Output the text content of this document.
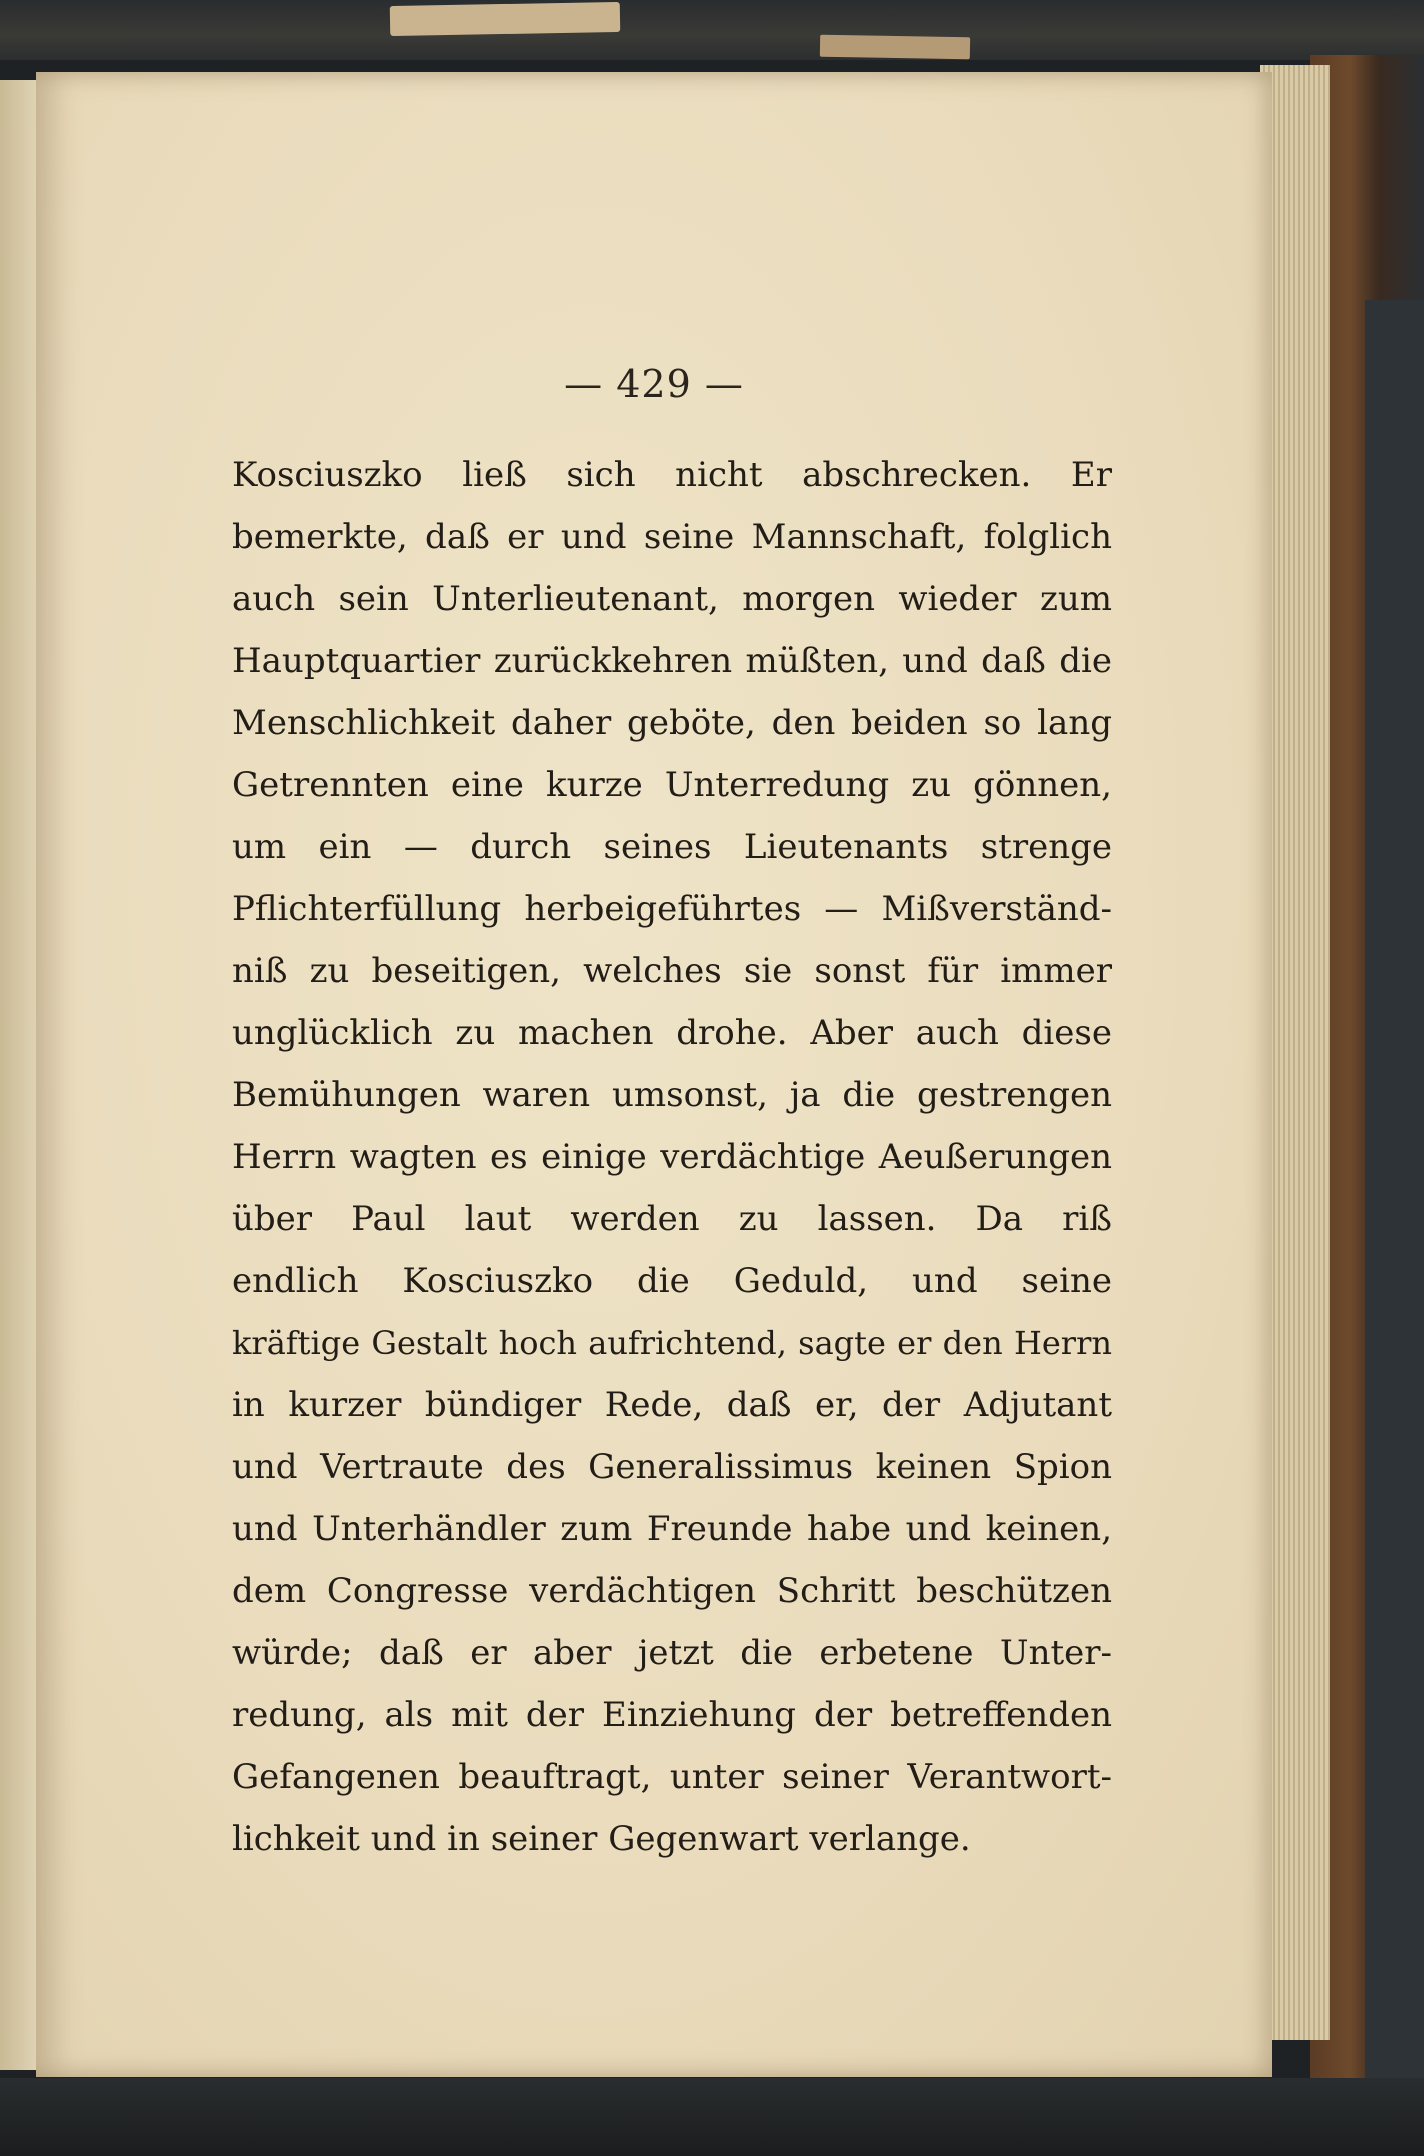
— 429 —
Kosciuszko ließ sich nicht abschrecken. Er
bemerkte, daß er und seine Mannschaft, folglich
auch sein Unterlieutenant, morgen wieder zum
Hauptquartier zurückkehren müßten, und daß die
Menschlichkeit daher geböte, den beiden so lang
Getrennten eine kurze Unterredung zu gönnen,
um ein — durch seines Lieutenants strenge
Pflichterfüllung herbeigeführtes — Mißverständ-
niß zu beseitigen, welches sie sonst für immer
unglücklich zu machen drohe. Aber auch diese
Bemühungen waren umsonst, ja die gestrengen
Herrn wagten es einige verdächtige Aeußerungen
über Paul laut werden zu lassen. Da riß
endlich Kosciuszko die Geduld, und seine
kräftige Gestalt hoch aufrichtend, sagte er den Herrn
in kurzer bündiger Rede, daß er, der Adjutant
und Vertraute des Generalissimus keinen Spion
und Unterhändler zum Freunde habe und keinen,
dem Congresse verdächtigen Schritt beschützen
würde; daß er aber jetzt die erbetene Unter-
redung, als mit der Einziehung der betreffenden
Gefangenen beauftragt, unter seiner Verantwort-
lichkeit und in seiner Gegenwart verlange.
